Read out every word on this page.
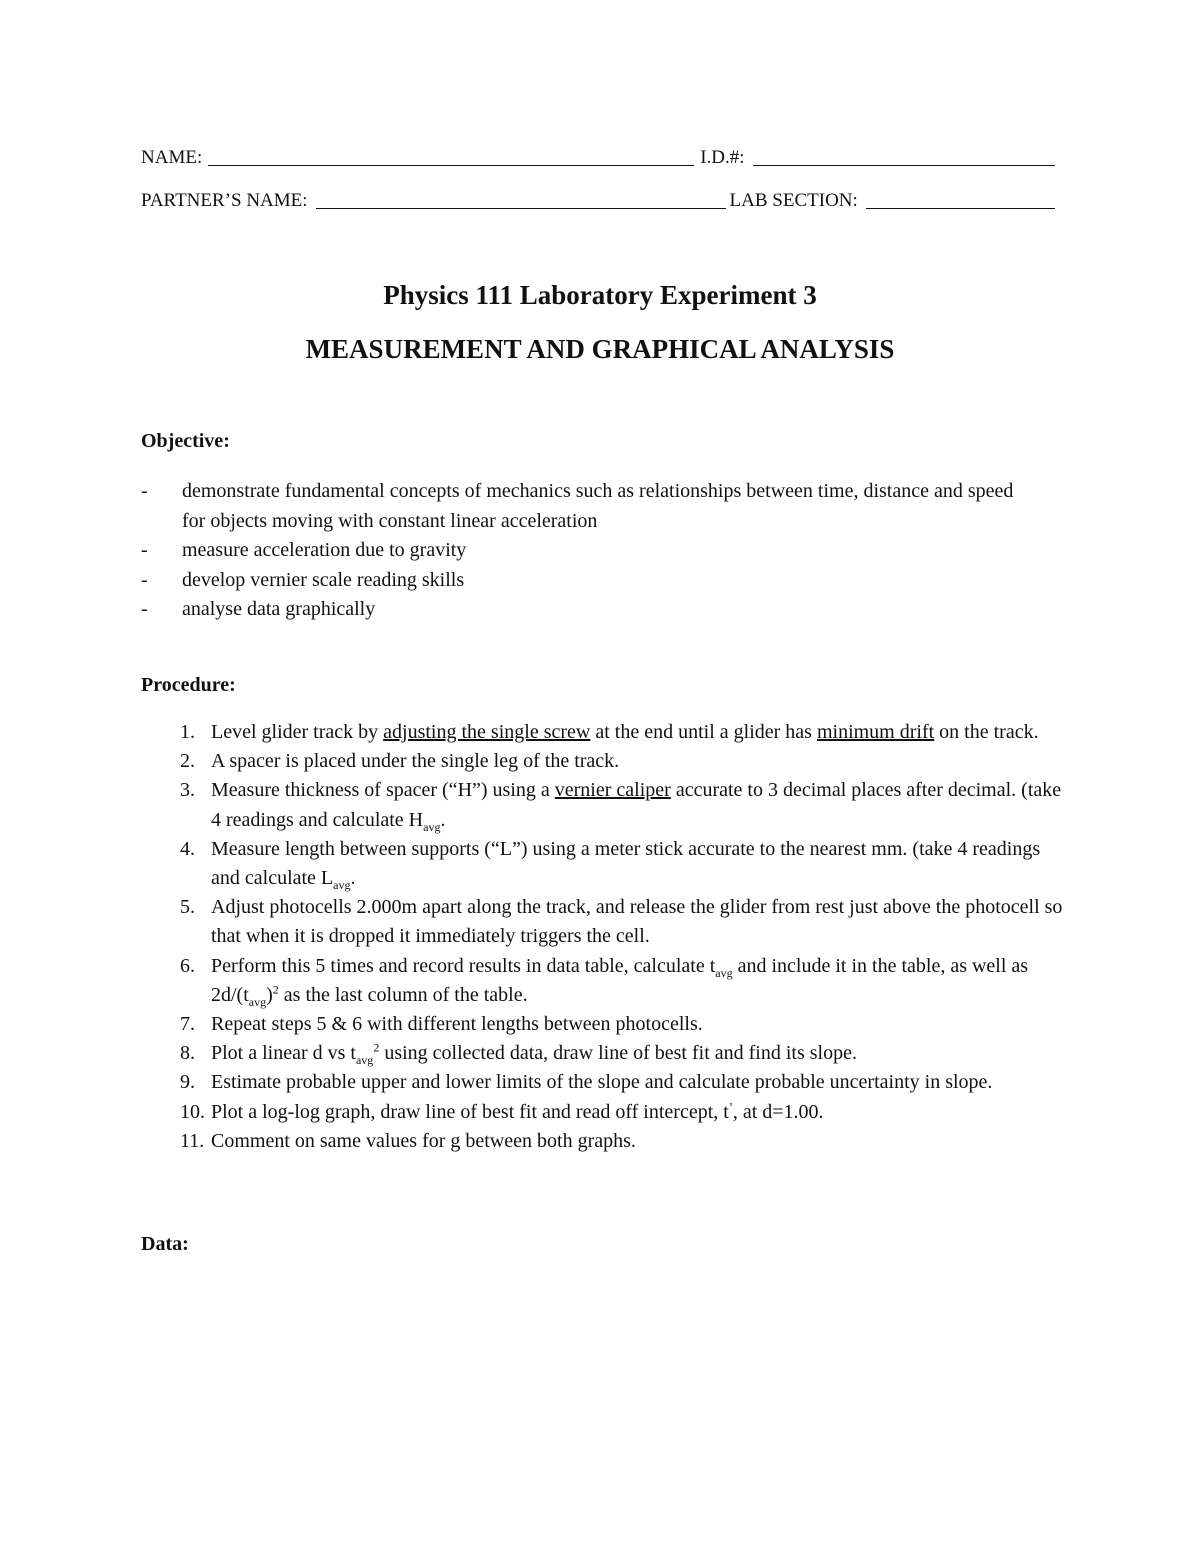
NAME:	I.D.#:
PARTNER’S NAME:	LAB SECTION:
Physics 111 Laboratory Experiment 3
MEASUREMENT AND GRAPHICAL ANALYSIS
Objective:
-	demonstrate fundamental concepts of mechanics such as relationships between time, distance and speed for objects moving with constant linear acceleration
-	measure acceleration due to gravity
-	develop vernier scale reading skills
-	analyse data graphically
Procedure:
1. Level glider track by adjusting the single screw at the end until a glider has minimum drift on the track.
2. A spacer is placed under the single leg of the track.
3. Measure thickness of spacer (“H”) using a vernier caliper accurate to 3 decimal places after decimal. (take 4 readings and calculate $H_{avg}$.
4. Measure length between supports (“L”) using a meter stick accurate to the nearest mm. (take 4 readings and calculate $L_{avg}$.
5. Adjust photocells 2.000m apart along the track, and release the glider from rest just above the photocell so that when it is dropped it immediately triggers the cell.
6. Perform this 5 times and record results in data table, calculate $t_{avg}$ and include it in the table, as well as $2d/(t_{avg})^2$ as the last column of the table.
7. Repeat steps 5 & 6 with different lengths between photocells.
8. Plot a linear d vs $t_{avg}^2$ using collected data, draw line of best fit and find its slope.
9. Estimate probable upper and lower limits of the slope and calculate probable uncertainty in slope.
10. Plot a log-log graph, draw line of best fit and read off intercept, t’, at d=1.00.
11. Comment on same values for g between both graphs.
Data:
